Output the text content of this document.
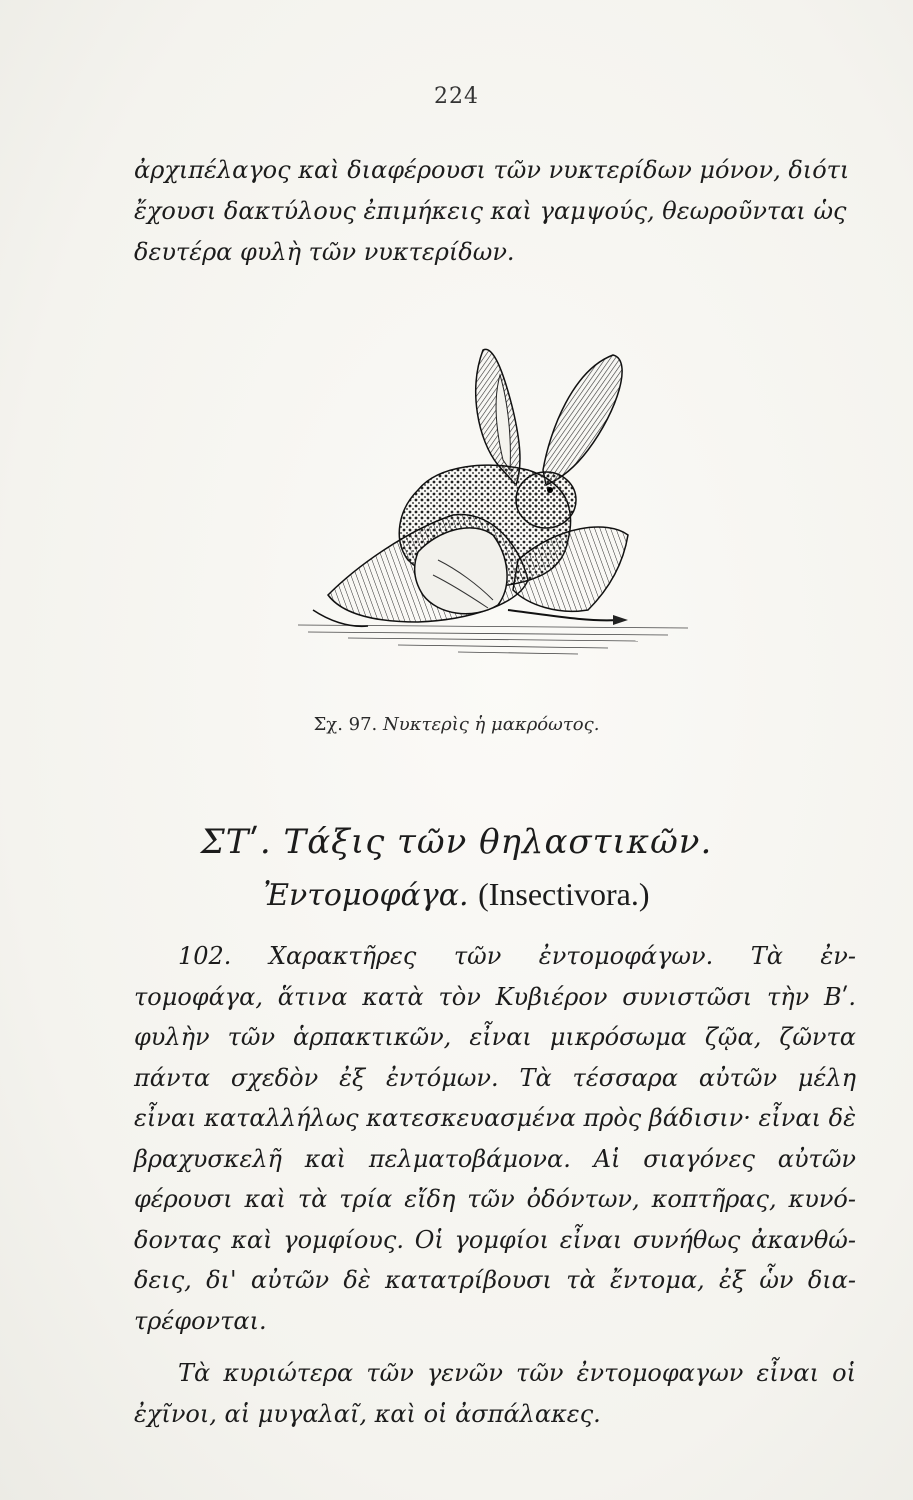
224
ἀρχιπέλαγος καὶ διαφέρουσι τῶν νυκτερίδων μόνον, διότι
ἔχουσι δακτύλους ἐπιμήκεις καὶ γαμψούς, θεωροῦνται ὡς
δευτέρα φυλὴ τῶν νυκτερίδων.
Σχ. 97. Νυκτερὶς ἡ μακρόωτος.
ΣΤʹ. Τάξις τῶν θηλαστικῶν.
Ἐντομοφάγα. (Insectivora.)
102. Χαρακτῆρες τῶν ἐντομοφάγων. Τὰ ἐν-
τομοφάγα, ἅτινα κατὰ τὸν Κυβιέρον συνιστῶσι τὴν Βʹ.
φυλὴν τῶν ἁρπακτικῶν, εἶναι μικρόσωμα ζῷα, ζῶντα
πάντα σχεδὸν ἐξ ἐντόμων. Τὰ τέσσαρα αὐτῶν μέλη
εἶναι καταλλήλως κατεσκευασμένα πρὸς βάδισιν· εἶναι δὲ
βραχυσκελῆ καὶ πελματοβάμονα. Αἱ σιαγόνες αὐτῶν
φέρουσι καὶ τὰ τρία εἴδη τῶν ὀδόντων, κοπτῆρας, κυνό-
δοντας καὶ γομφίους. Οἱ γομφίοι εἶναι συνήθως ἀκανθώ-
δεις, δι' αὐτῶν δὲ κατατρίβουσι τὰ ἔντομα, ἐξ ὧν δια-
τρέφονται.
Τὰ κυριώτερα τῶν γενῶν τῶν ἐντομοφαγων εἶναι οἱ
ἐχῖνοι, αἱ μυγαλαῖ, καὶ οἱ ἀσπάλακες.
